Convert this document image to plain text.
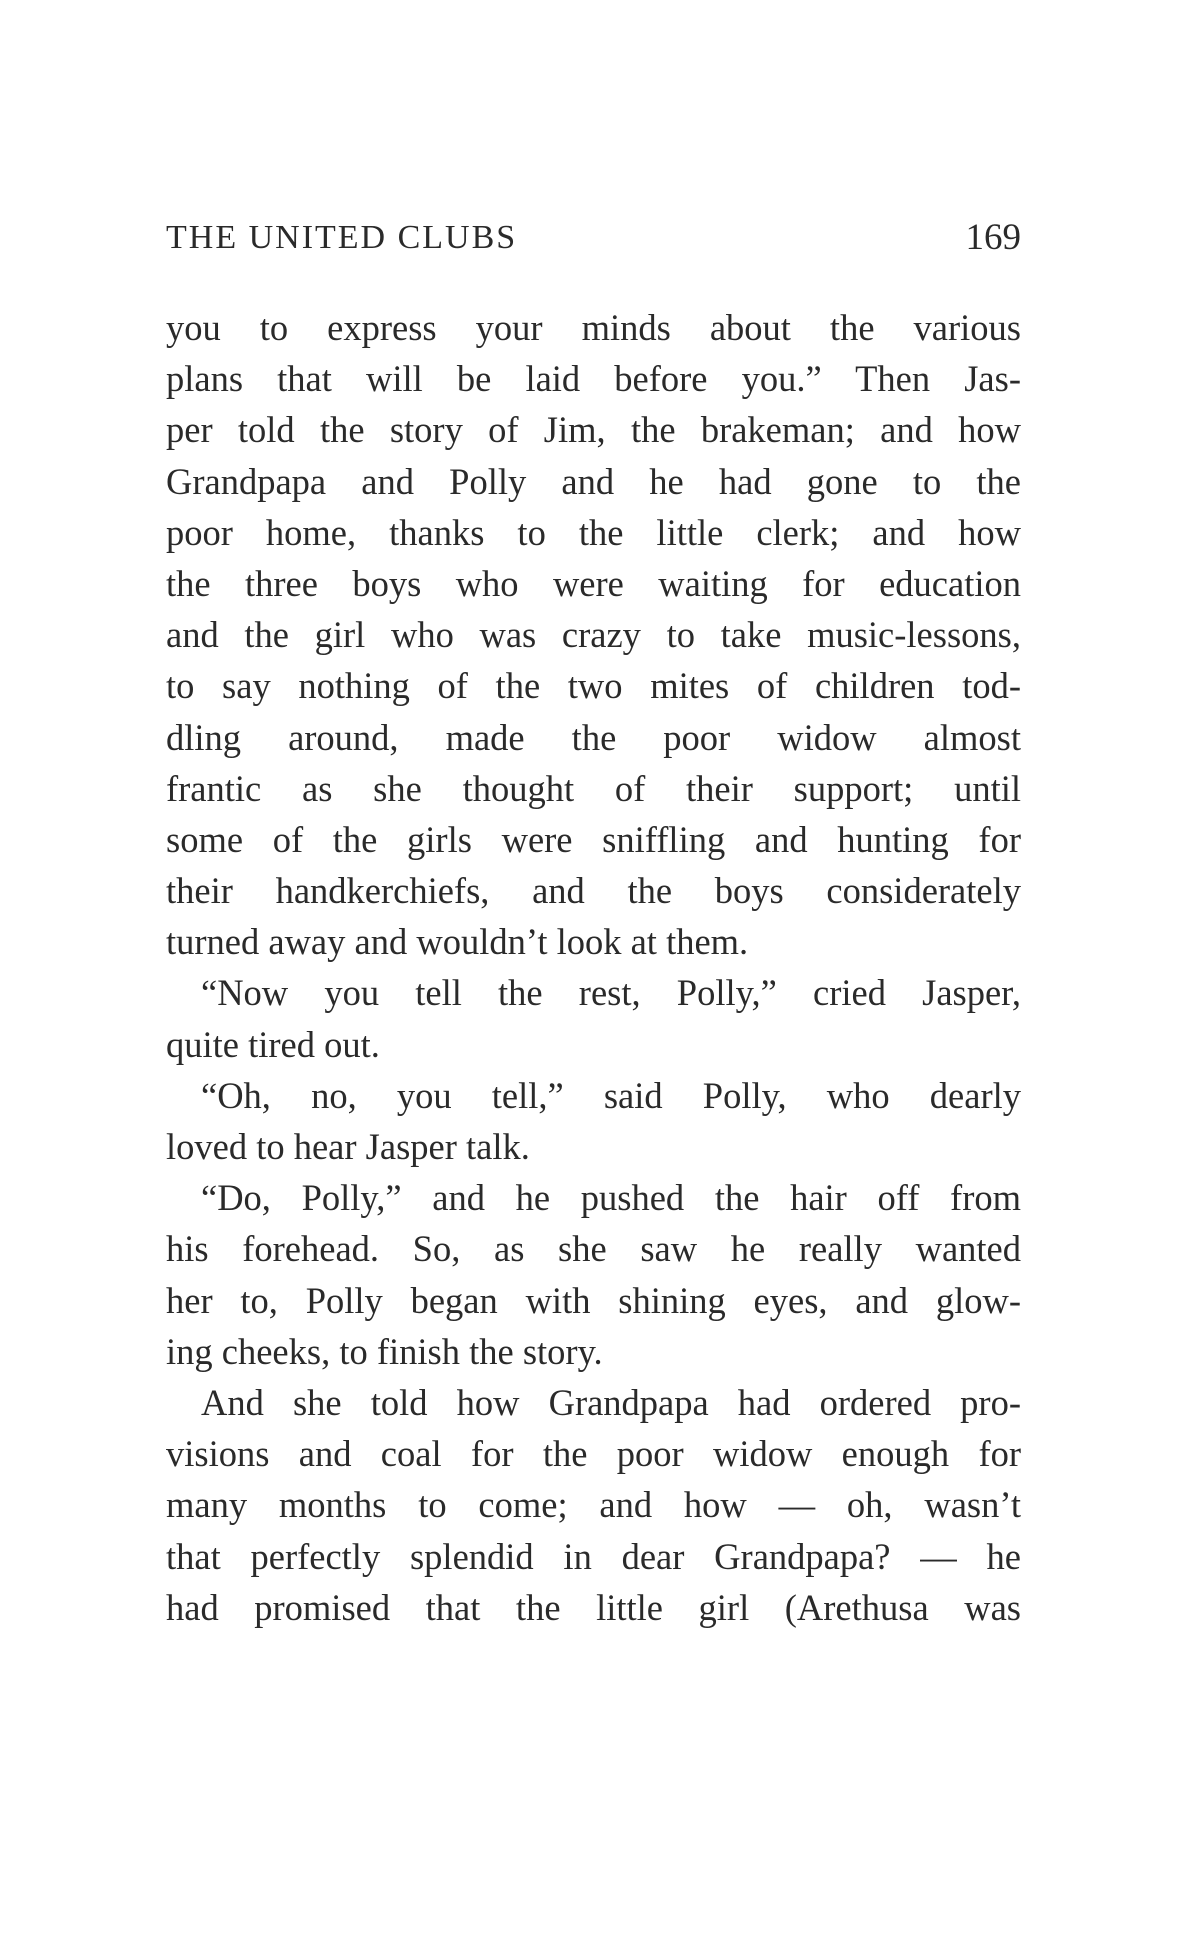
THE UNITED CLUBS	169
you to express your minds about the various
plans that will be laid before you.” Then Jas-
per told the story of Jim, the brakeman; and how
Grandpapa and Polly and he had gone to the
poor home, thanks to the little clerk; and how
the three boys who were waiting for education
and the girl who was crazy to take music-lessons,
to say nothing of the two mites of children tod-
dling around, made the poor widow almost
frantic as she thought of their support; until
some of the girls were sniffling and hunting for
their handkerchiefs, and the boys considerately
turned away and wouldn’t look at them.
“Now you tell the rest, Polly,” cried Jasper,
quite tired out.
“Oh, no, you tell,” said Polly, who dearly
loved to hear Jasper talk.
“Do, Polly,” and he pushed the hair off from
his forehead. So, as she saw he really wanted
her to, Polly began with shining eyes, and glow-
ing cheeks, to finish the story.
And she told how Grandpapa had ordered pro-
visions and coal for the poor widow enough for
many months to come; and how — oh, wasn’t
that perfectly splendid in dear Grandpapa? — he
had promised that the little girl (Arethusa was
